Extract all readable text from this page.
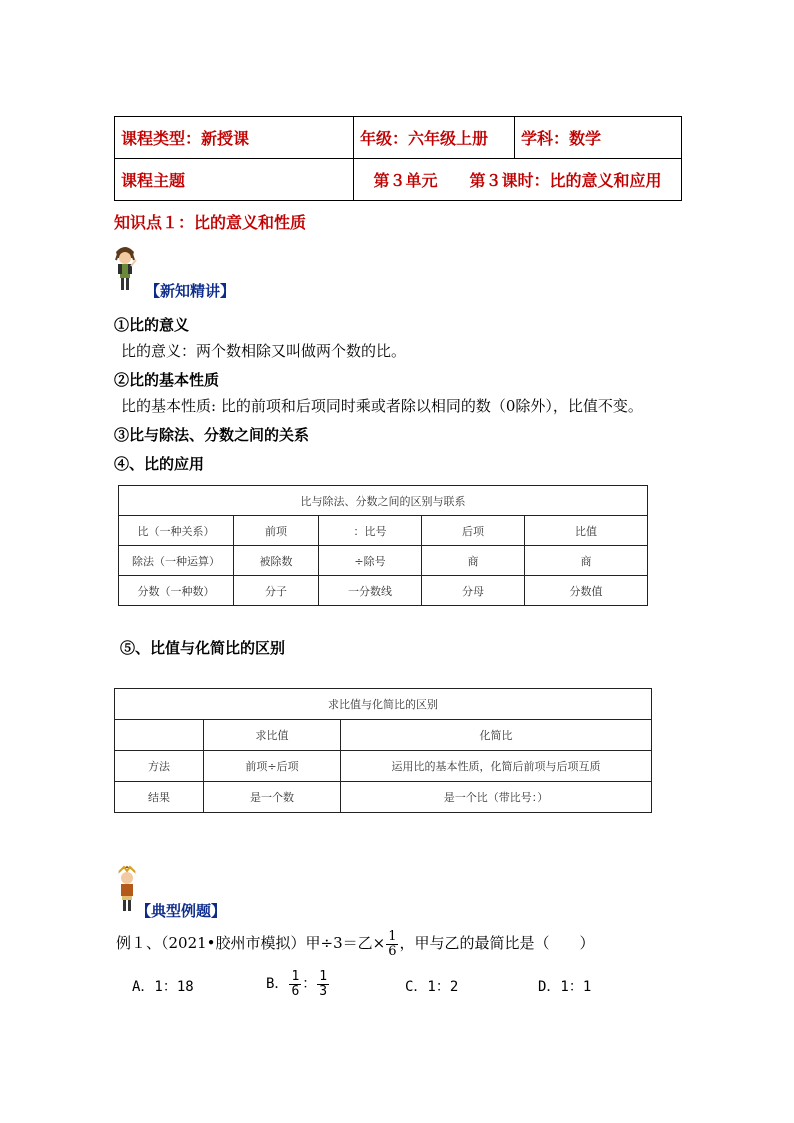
课程类型：新授课	年级：六年级上册	学科：数学
课程主题	第３单元　　第３课时：比的意义和应用	
知识点１：比的意义和性质
【新知精讲】
①比的意义
比的意义：两个数相除又叫做两个数的比。
②比的基本性质
比的基本性质: 比的前项和后项同时乘或者除以相同的数（0除外），比值不变。
③比与除法、分数之间的关系
④、比的应用
比与除法、分数之间的区别与联系				
比（一种关系）	前项	：比号	后项	比值
除法（一种运算）	被除数	÷除号	商	商
分数（一种数）	分子	一分数线	分母	分数值
⑤、比值与化简比的区别
求比值与化简比的区别		
	求比值	化简比
方法	前项÷后项	运用比的基本性质，化简后前项与后项互质
结果	是一个数	是一个比（带比号：）
【典型例题】
例１、（2021•胶州市模拟）甲÷3＝乙× $\frac{1}{6}$ ，甲与乙的最简比是（　　）
A．1：18	B． $\frac{1}{6}$ ： $\frac{1}{3}$	C．1：2	D．1：1
